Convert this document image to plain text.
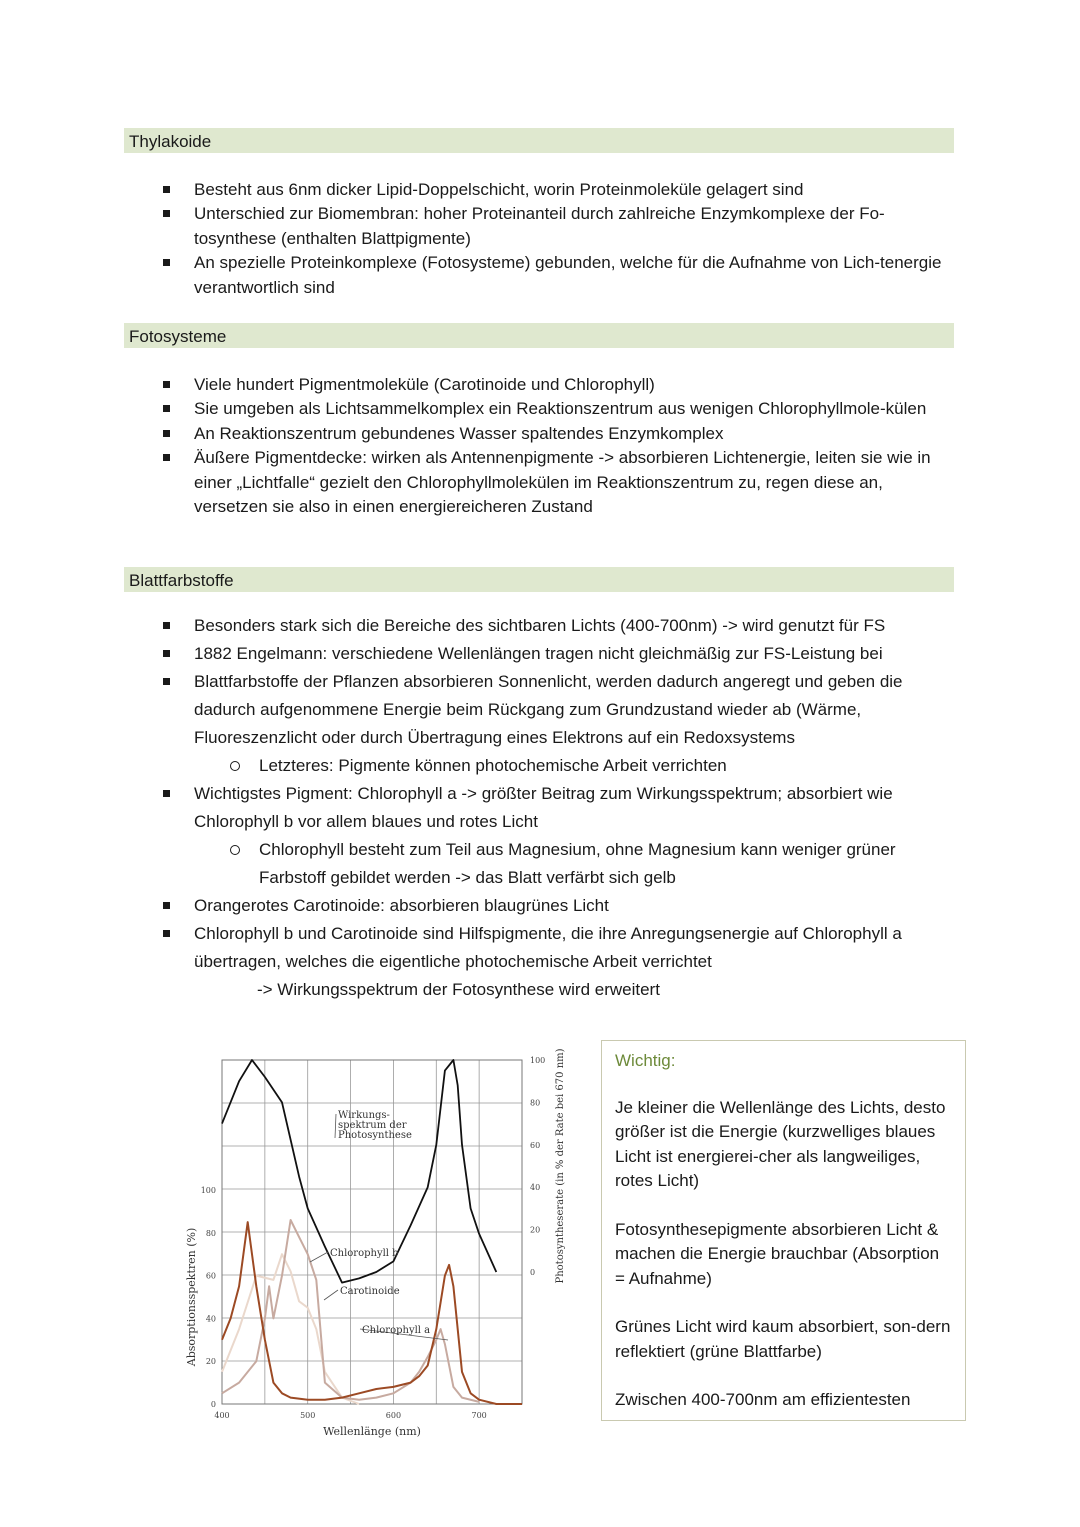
Thylakoide
Besteht aus 6nm dicker Lipid-Doppelschicht, worin Proteinmoleküle gelagert sind
Unterschied zur Biomembran: hoher Proteinanteil durch zahlreiche Enzymkomplexe der Fo-tosynthese (enthalten Blattpigmente)
An spezielle Proteinkomplexe (Fotosysteme) gebunden, welche für die Aufnahme von Lich-tenergie verantwortlich sind
Fotosysteme
Viele hundert Pigmentmoleküle (Carotinoide und Chlorophyll)
Sie umgeben als Lichtsammelkomplex ein Reaktionszentrum aus wenigen Chlorophyllmole-külen
An Reaktionszentrum gebundenes Wasser spaltendes Enzymkomplex
Äußere Pigmentdecke: wirken als Antennenpigmente -> absorbieren Lichtenergie, leiten sie wie in einer „Lichtfalle“ gezielt den Chlorophyllmolekülen im Reaktionszentrum zu, regen diese an, versetzen sie also in einen energiereicheren Zustand
Blattfarbstoffe
Besonders stark sich die Bereiche des sichtbaren Lichts (400-700nm) -> wird genutzt für FS
1882 Engelmann: verschiedene Wellenlängen tragen nicht gleichmäßig zur FS-Leistung bei
Blattfarbstoffe der Pflanzen absorbieren Sonnenlicht, werden dadurch angeregt und geben die dadurch aufgenommene Energie beim Rückgang zum Grundzustand wieder ab (Wärme, Fluoreszenzlicht oder durch Übertragung eines Elektrons auf ein Redoxsystems
Letzteres: Pigmente können photochemische Arbeit verrichten
Wichtigstes Pigment: Chlorophyll a -> größter Beitrag zum Wirkungsspektrum; absorbiert wie Chlorophyll b vor allem blaues und rotes Licht
Chlorophyll besteht zum Teil aus Magnesium, ohne Magnesium kann weniger grüner Farbstoff gebildet werden -> das Blatt verfärbt sich gelb
Orangerotes Carotinoide: absorbieren blaugrünes Licht
Chlorophyll b und Carotinoide sind Hilfspigmente, die ihre Anregungsenergie auf Chlorophyll a übertragen, welches die eigentliche photochemische Arbeit verrichtet
-> Wirkungsspektrum der Fotosynthese wird erweitert
0
20
40
60
80
100
0
20
40
60
80
100
400	500	600	700
Wellenlänge (nm)
Absorptionsspektren (%)
Photosyntheserate (in % der Rate bei 670 nm)
Wirkungs-spektrum der Photosynthese
Chlorophyll b
Carotinoide
Chlorophyll a

Wichtig:

Je kleiner die Wellenlänge des Lichts, desto größer ist die Energie (kurzwelliges blaues Licht ist energierei-cher als langweiliges, rotes Licht)

Fotosynthesepigmente absorbieren Licht & machen die Energie brauchbar (Absorption = Aufnahme)

Grünes Licht wird kaum absorbiert, son-dern reflektiert (grüne Blattfarbe)

Zwischen 400-700nm am effizientesten
